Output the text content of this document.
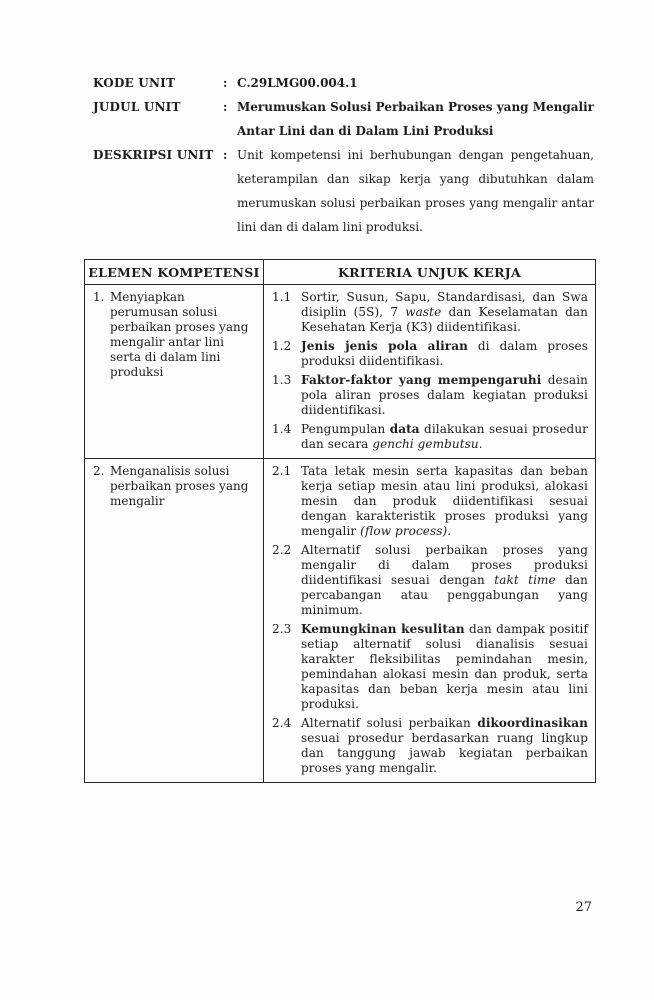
KODE UNIT	: C.29LMG00.004.1
JUDUL UNIT	: Merumuskan Solusi Perbaikan Proses yang Mengalir Antar Lini dan di Dalam Lini Produksi
DESKRIPSI UNIT : Unit kompetensi ini berhubungan dengan pengetahuan, keterampilan dan sikap kerja yang dibutuhkan dalam merumuskan solusi perbaikan proses yang mengalir antar lini dan di dalam lini produksi.
ELEMEN KOMPETENSI	KRITERIA UNJUK KERJA

1. Menyiapkan perumusan solusi perbaikan proses yang mengalir antar lini serta di dalam lini produksi

1.1 Sortir, Susun, Sapu, Standardisasi, dan Swa disiplin (5S), 7 waste dan Keselamatan dan Kesehatan Kerja (K3) diidentifikasi.
1.2 Jenis jenis pola aliran di dalam proses produksi diidentifikasi.
1.3 Faktor-faktor yang mempengaruhi desain pola aliran proses dalam kegiatan produksi diidentifikasi.
1.4 Pengumpulan data dilakukan sesuai prosedur dan secara genchi gembutsu.

2. Menganalisis solusi perbaikan proses yang mengalir

2.1 Tata letak mesin serta kapasitas dan beban kerja setiap mesin atau lini produksi, alokasi mesin dan produk diidentifikasi sesuai dengan karakteristik proses produksi yang mengalir (flow process).
2.2 Alternatif solusi perbaikan proses yang mengalir di dalam proses produksi diidentifikasi sesuai dengan takt time dan percabangan atau penggabungan yang minimum.
2.3 Kemungkinan kesulitan dan dampak positif setiap alternatif solusi dianalisis sesuai karakter fleksibilitas pemindahan mesin, pemindahan alokasi mesin dan produk, serta kapasitas dan beban kerja mesin atau lini produksi.
2.4 Alternatif solusi perbaikan dikoordinasikan sesuai prosedur berdasarkan ruang lingkup dan tanggung jawab kegiatan perbaikan proses yang mengalir.
27
